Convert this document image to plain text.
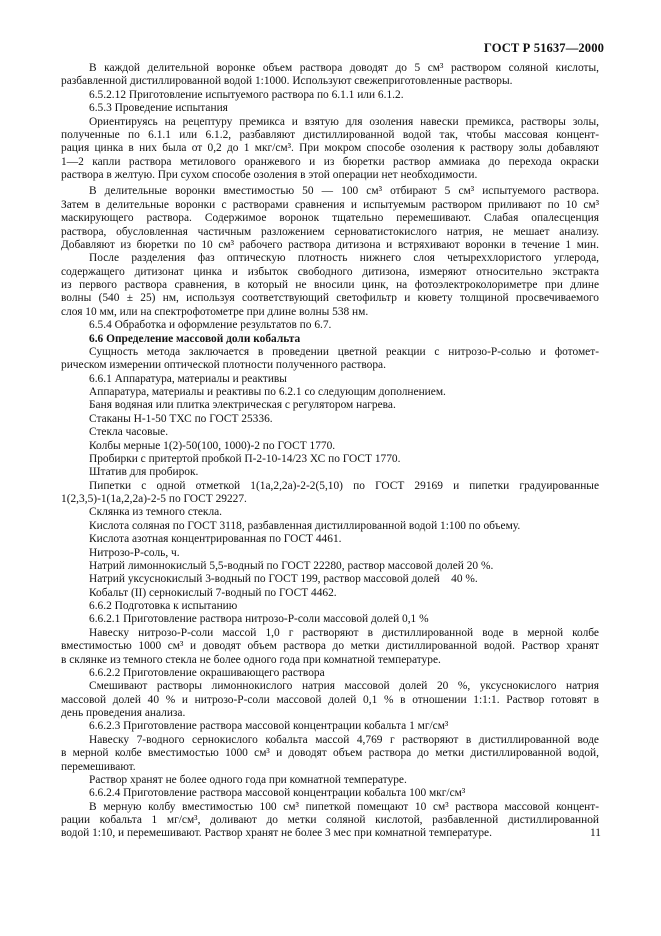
ГОСТ Р 51637—2000
В каждой делительной воронке объем раствора доводят до 5 см³ раствором соляной кислоты,
разбавленной дистиллированной водой 1:1000. Используют свежеприготовленные растворы.
6.5.2.12 Приготовление испытуемого раствора по 6.1.1 или 6.1.2.
6.5.3 Проведение испытания
Ориентируясь на рецептуру премикса и взятую для озоления навески премикса, растворы золы,
полученные по 6.1.1 или 6.1.2, разбавляют дистиллированной водой так, чтобы массовая концент-
рация цинка в них была от 0,2 до 1 мкг/см³. При мокром способе озоления к раствору золы добавляют
1—2 капли раствора метилового оранжевого и из бюретки раствор аммиака до перехода окраски
раствора в желтую. При сухом способе озоления в этой операции нет необходимости.
В делительные воронки вместимостью 50 — 100 см³ отбирают 5 см³ испытуемого раствора.
Затем в делительные воронки с растворами сравнения и испытуемым раствором приливают по 10 см³
маскирующего раствора. Содержимое воронок тщательно перемешивают. Слабая опалесценция
раствора, обусловленная частичным разложением серноватистокислого натрия, не мешает анализу.
Добавляют из бюретки по 10 см³ рабочего раствора дитизона и встряхивают воронки в течение 1 мин.
После разделения фаз оптическую плотность нижнего слоя четыреххлористого углерода,
содержащего дитизонат цинка и избыток свободного дитизона, измеряют относительно экстракта
из первого раствора сравнения, в который не вносили цинк, на фотоэлектроколориметре при длине
волны (540 ± 25) нм, используя соответствующий светофильтр и кювету толщиной просвечиваемого
слоя 10 мм, или на спектрофотометре при длине волны 538 нм.
6.5.4 Обработка и оформление результатов по 6.7.
6.6 Определение массовой доли кобальта
Сущность метода заключается в проведении цветной реакции с нитрозо-Р-солью и фотомет-
рическом измерении оптической плотности полученного раствора.
6.6.1 Аппаратура, материалы и реактивы
Аппаратура, материалы и реактивы по 6.2.1 со следующим дополнением.
Баня водяная или плитка электрическая с регулятором нагрева.
Стаканы Н-1-50 ТХС по ГОСТ 25336.
Стекла часовые.
Колбы мерные 1(2)-50(100, 1000)-2 по ГОСТ 1770.
Пробирки с притертой пробкой П-2-10-14/23 ХС по ГОСТ 1770.
Штатив для пробирок.
Пипетки с одной отметкой 1(1а,2,2а)-2-2(5,10) по ГОСТ 29169 и пипетки градуированные
1(2,3,5)-1(1а,2,2а)-2-5 по ГОСТ 29227.
Склянка из темного стекла.
Кислота соляная по ГОСТ 3118, разбавленная дистиллированной водой 1:100 по объему.
Кислота азотная концентрированная по ГОСТ 4461.
Нитрозо-Р-соль, ч.
Натрий лимоннокислый 5,5-водный по ГОСТ 22280, раствор массовой долей 20 %.
Натрий уксуснокислый 3-водный по ГОСТ 199, раствор массовой долей    40 %.
Кобальт (II) сернокислый 7-водный по ГОСТ 4462.
6.6.2 Подготовка к испытанию
6.6.2.1 Приготовление раствора нитрозо-Р-соли массовой долей 0,1 %
Навеску нитрозо-Р-соли массой 1,0 г растворяют в дистиллированной воде в мерной колбе
вместимостью 1000 см³ и доводят объем раствора до метки дистиллированной водой. Раствор хранят
в склянке из темного стекла не более одного года при комнатной температуре.
6.6.2.2 Приготовление окрашивающего раствора
Смешивают растворы лимоннокислого натрия массовой долей 20 %, уксуснокислого натрия
массовой долей 40 % и нитрозо-Р-соли массовой долей 0,1 % в отношении 1:1:1. Раствор готовят в
день проведения анализа.
6.6.2.3 Приготовление раствора массовой концентрации кобальта 1 мг/см³
Навеску 7-водного сернокислого кобальта массой 4,769 г растворяют в дистиллированной воде
в мерной колбе вместимостью 1000 см³ и доводят объем раствора до метки дистиллированной водой,
перемешивают.
Раствор хранят не более одного года при комнатной температуре.
6.6.2.4 Приготовление раствора массовой концентрации кобальта 100 мкг/см³
В мерную колбу вместимостью 100 см³ пипеткой помещают 10 см³ раствора массовой концент-
рации кобальта 1 мг/см³, доливают до метки соляной кислотой, разбавленной дистиллированной
водой 1:10, и перемешивают. Раствор хранят не более 3 мес при комнатной температуре.	11
